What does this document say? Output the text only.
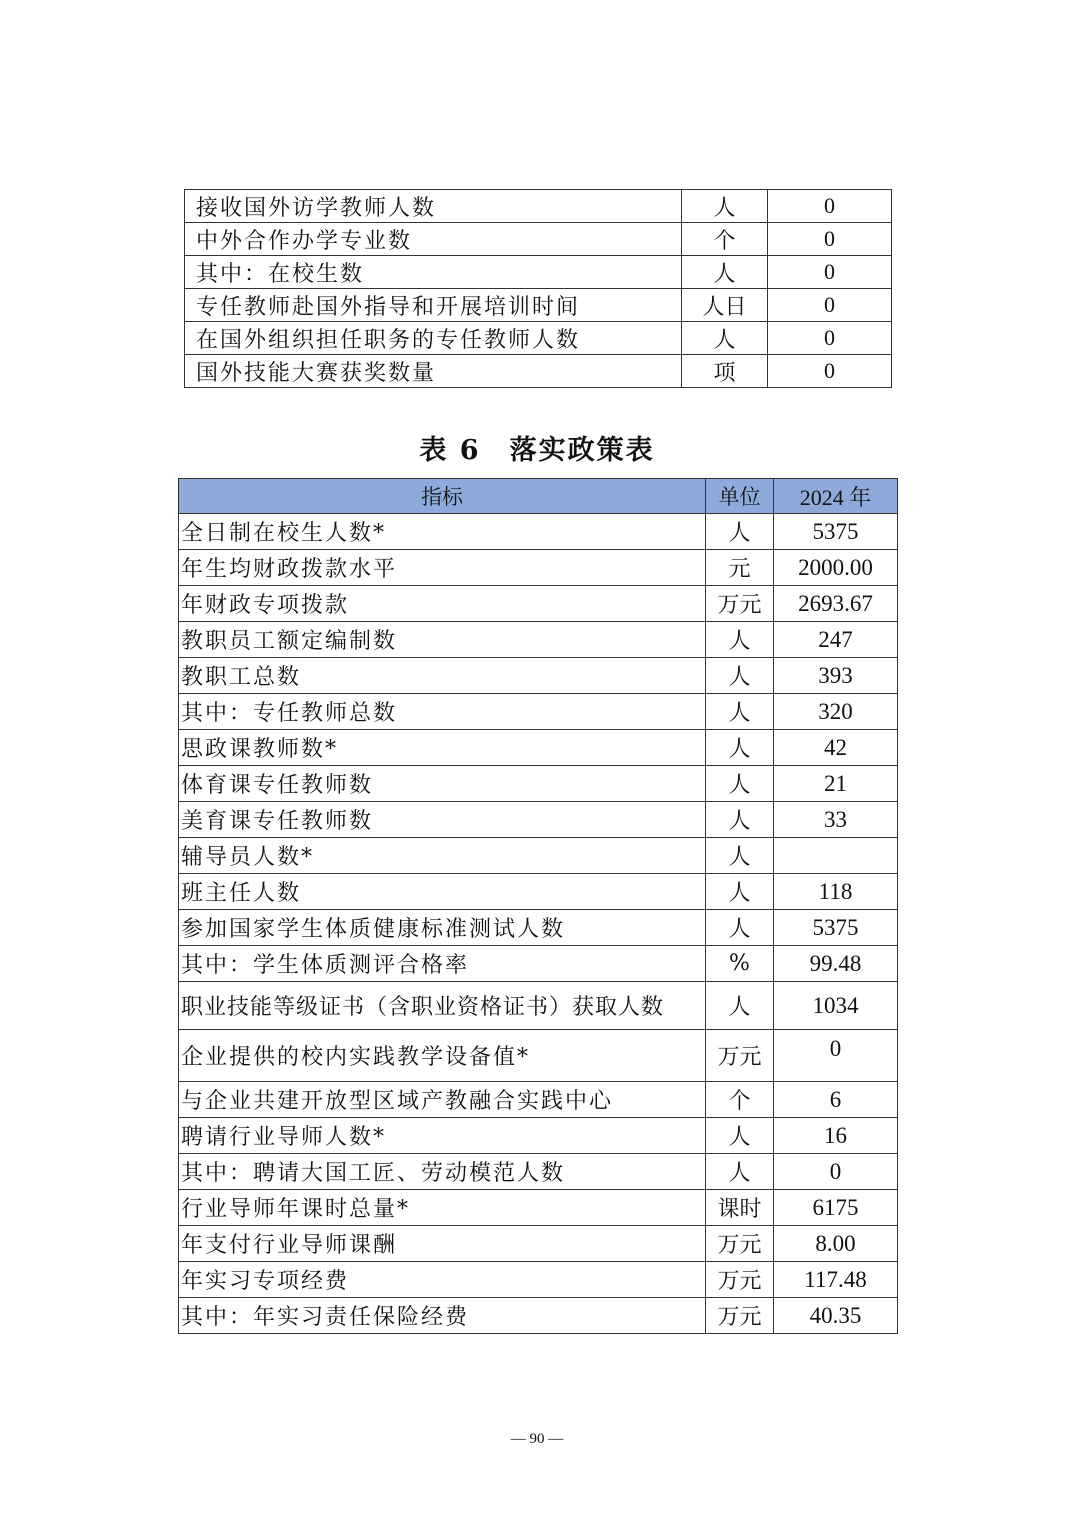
接收国外访学教师人数	人	0
中外合作办学专业数	个	0
其中：在校生数	人	0
专任教师赴国外指导和开展培训时间	人日	0
在国外组织担任职务的专任教师人数	人	0
国外技能大赛获奖数量	项	0
表 6　落实政策表
指标	单位	2024 年
全日制在校生人数*	人	5375
年生均财政拨款水平	元	2000.00
年财政专项拨款	万元	2693.67
教职员工额定编制数	人	247
教职工总数	人	393
其中：专任教师总数	人	320
思政课教师数*	人	42
体育课专任教师数	人	21
美育课专任教师数	人	33
辅导员人数*	人	
班主任人数	人	118
参加国家学生体质健康标准测试人数	人	5375
其中：学生体质测评合格率	%	99.48
职业技能等级证书（含职业资格证书）获取人数	人	1034
企业提供的校内实践教学设备值*	万元	0
与企业共建开放型区域产教融合实践中心	个	6
聘请行业导师人数*	人	16
其中：聘请大国工匠、劳动模范人数	人	0
行业导师年课时总量*	课时	6175
年支付行业导师课酬	万元	8.00
年实习专项经费	万元	117.48
其中：年实习责任保险经费	万元	40.35
— 90 —
